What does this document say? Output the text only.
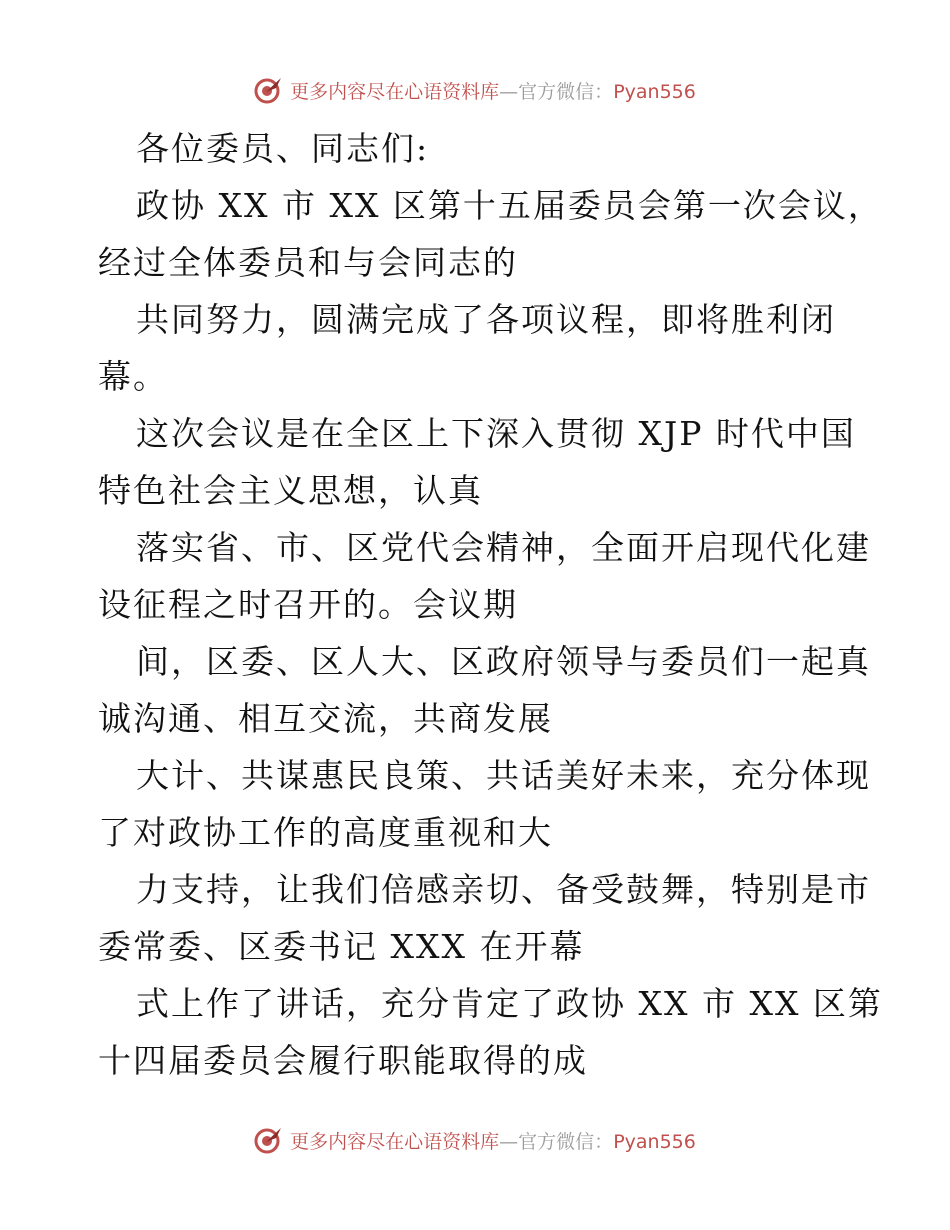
更多内容尽在心语资料库—官方微信：Pyan556
各位委员、同志们:
政协 XX 市 XX 区第十五届委员会第一次会议，
经过全体委员和与会同志的
共同努力，圆满完成了各项议程，即将胜利闭
幕。
这次会议是在全区上下深入贯彻 XJP 时代中国
特色社会主义思想，认真
落实省、市、区党代会精神，全面开启现代化建
设征程之时召开的。会议期
间，区委、区人大、区政府领导与委员们一起真
诚沟通、相互交流，共商发展
大计、共谋惠民良策、共话美好未来，充分体现
了对政协工作的高度重视和大
力支持，让我们倍感亲切、备受鼓舞，特别是市
委常委、区委书记 XXX 在开幕
式上作了讲话，充分肯定了政协 XX 市 XX 区第
十四届委员会履行职能取得的成
更多内容尽在心语资料库—官方微信：Pyan556
